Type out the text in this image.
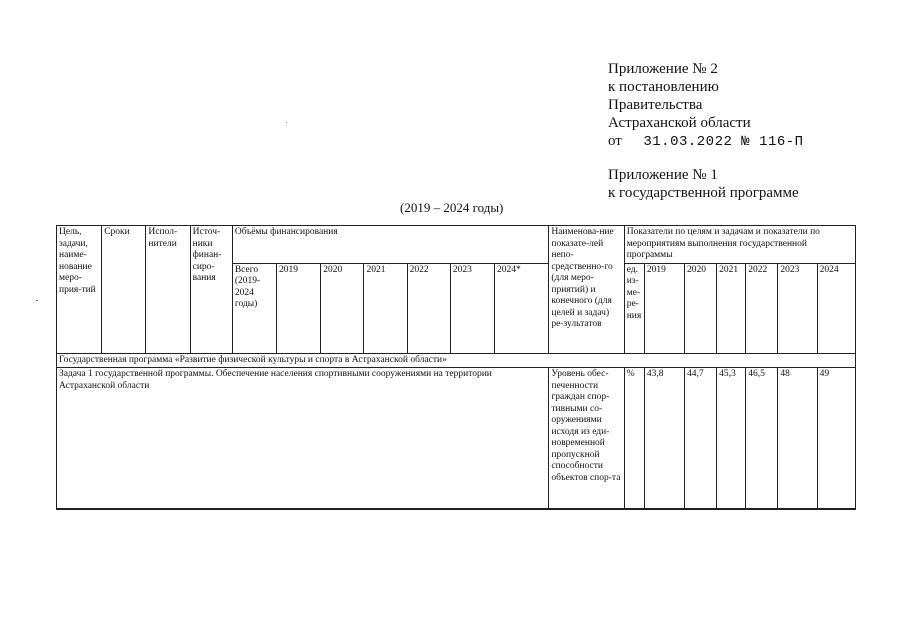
Приложение № 2
к постановлению
Правительства
Астраханской области
от 31.03.2022 № 116-П
Приложение № 1
к государственной программе
(2019 – 2024 годы)
Цель, задачи, наиме-нование меро-прия-тий	Сроки	Испол-нители	Источ-ники финан-сиро-вания	Объёмы финансирования							Наименова-ние показате-лей непо-средственно-го (для меро-приятий) и конечного (для целей и задач) ре-зультатов	Показатели по целям и задачам и показатели по мероприятиям выполнения государственной программы						
				Всего (2019-2024 годы)	2019	2020	2021	2022	2023	2024*		ед. из-ме-ре-ния	2019	2020	2021	2022	2023	2024
Государственная программа «Развитие физической культуры и спорта в Астраханской области»																		
Задача 1 государственной программы. Обеспечение населения спортивными сооружениями на территории Астраханской области											Уровень обес-печенности граждан спор-тивными со-оружениями исходя из еди-новременной пропускной способности объектов спор-та	%	43,8	44,7	45,3	46,5	48	49
